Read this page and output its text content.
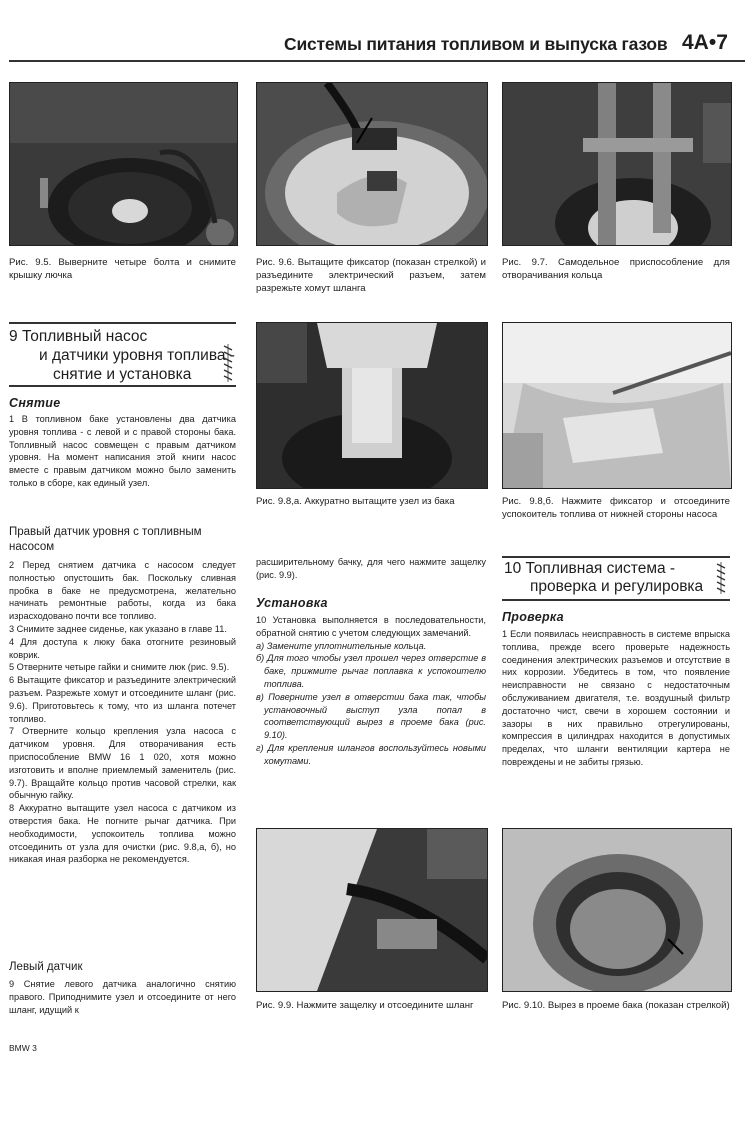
Системы питания топливом и выпуска газов 4A•7
Рис. 9.5. Выверните четыре болта и снимите крышку лючка
Рис. 9.6. Вытащите фиксатор (показан стрелкой) и разъедините электрический разъем, затем разрежьте хомут шланга
Рис. 9.7. Самодельное приспособление для отворачивания кольца
9 Топливный насос
и датчики уровня топлива -
снятие и установка
Снятие

1 В топливном баке установлены два датчика уровня топлива - с левой и с правой стороны бака. Топливный насос совмещен с правым датчиком уровня. На момент написания этой книги насос вместе с правым датчиком можно было заменить только в сборе, как единый узел.

Правый датчик уровня с топливным насосом

2 Перед снятием датчика с насосом следует полностью опустошить бак. Поскольку сливная пробка в баке не предусмотрена, желательно начинать ремонтные работы, когда из бака израсходовано почти все топливо.

3 Снимите заднее сиденье, как указано в главе 11.

4 Для доступа к люку бака отогните резиновый коврик.

5 Отверните четыре гайки и снимите люк (рис. 9.5).

6 Вытащите фиксатор и разъедините электрический разъем. Разрежьте хомут и отсоедините шланг (рис. 9.6). Приготовьтесь к тому, что из шланга потечет топливо.

7 Отверните кольцо крепления узла насоса с датчиком уровня. Для отворачивания есть приспособление BMW 16 1 020, хотя можно изготовить и вполне приемлемый заменитель (рис. 9.7). Вращайте кольцо против часовой стрелки, как обычную гайку.

8 Аккуратно вытащите узел насоса с датчиком из отверстия бака. Не погните рычаг датчика. При необходимости, успокоитель топлива можно отсоединить от узла для очистки (рис. 9.8,а, б), но никакая иная разборка не рекомендуется.

Левый датчик

9 Снятие левого датчика аналогично снятию правого. Приподнимите узел и отсоедините от него шланг, идущий к

Рис. 9.8,а. Аккуратно вытащите узел из бака	Рис. 9.8,б. Нажмите фиксатор и отсоедините успокоитель топлива от нижней стороны насоса

расширительному бачку, для чего нажмите защелку (рис. 9.9).

Установка

10 Установка выполняется в последовательности, обратной снятию с учетом следующих замечаний.

а) Замените уплотнительные кольца.

б) Для того чтобы узел прошел через отверстие в баке, прижмите рычаг поплавка к успокоителю топлива.

в) Поверните узел в отверстии бака так, чтобы установочный выступ узла попал в соответствующий вырез в проеме бака (рис. 9.10).

г) Для крепления шлангов воспользуйтесь новыми хомутами.

10 Топливная система -
проверка и регулировка
Проверка

1 Если появилась неисправность в системе впрыска топлива, прежде всего проверьте надежность соединения электрических разъемов и отсутствие в них коррозии. Убедитесь в том, что появление неисправности не связано с недостаточным обслуживанием двигателя, т.е. воздушный фильтр достаточно чист, свечи в хорошем состоянии и зазоры в них правильно отрегулированы, компрессия в цилиндрах находится в допустимых пределах, что шланги вентиляции картера не повреждены и не забиты грязью.

Рис. 9.9. Нажмите защелку и отсоедините шланг	Рис. 9.10. Вырез в проеме бака (показан стрелкой)
BMW 3
